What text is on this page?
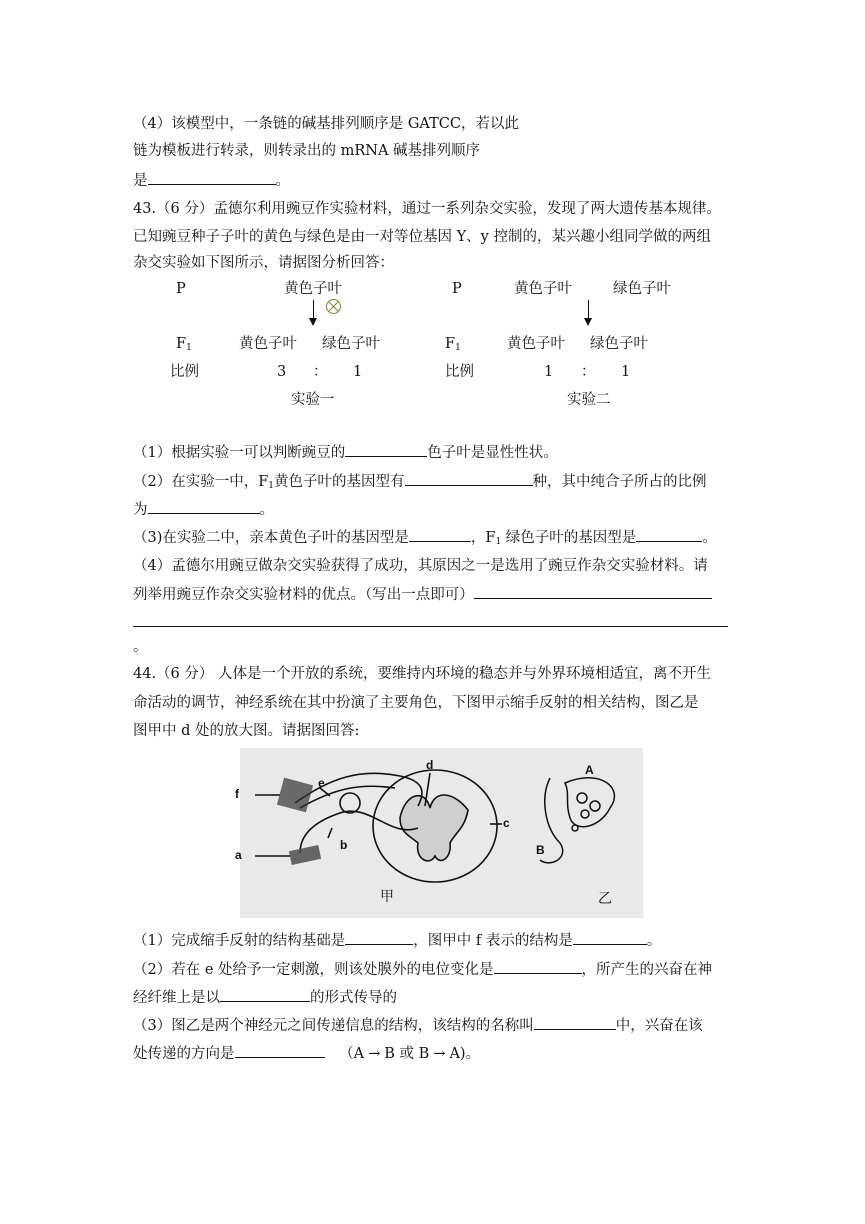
（4）该模型中，一条链的碱基排列顺序是 GATCC，若以此
链为模板进行转录，则转录出的 mRNA 碱基排列顺序
是	。
43.（6 分）孟德尔利用豌豆作实验材料，通过一系列杂交实验，发现了两大遗传基本规律。
已知豌豆种子子叶的黄色与绿色是由一对等位基因 Y、y 控制的，某兴趣小组同学做的两组
杂交实验如下图所示，请据图分析回答：
P	黄色子叶
$F_1$	黄色子叶 绿色子叶
比例	3 ： 1
实验一
P	黄色子叶	绿色子叶
$F_1$	黄色子叶 绿色子叶
比例	1 ： 1
实验二
（1）根据实验一可以判断豌豆的	色子叶是显性性状。
（2）在实验一中，$F_1$黄色子叶的基因型有	种，其中纯合子所占的比例
为	。
（3)在实验二中，亲本黄色子叶的基因型是	，$F_1$ 绿色子叶的基因型是	。
（4）孟德尔用豌豆做杂交实验获得了成功，其原因之一是选用了豌豆作杂交实验材料。请
列举用豌豆作杂交实验材料的优点。（写出一点即可）
。
44.（6 分） 人体是一个开放的系统，要维持内环境的稳态并与外界环境相适宜，离不开生
命活动的调节，神经系统在其中扮演了主要角色，下图甲示缩手反射的相关结构，图乙是
图甲中 d 处的放大图。请据图回答:
f
a
e
b
d
c
A
B
甲	乙
（1）完成缩手反射的结构基础是	，图甲中 f 表示的结构是	。
（2）若在 e 处给予一定刺激，则该处膜外的电位变化是	，所产生的兴奋在神
经纤维上是以	的形式传导的
（3）图乙是两个神经元之间传递信息的结构，该结构的名称叫	中，兴奋在该
处传递的方向是	（A → B 或 B → A)。
